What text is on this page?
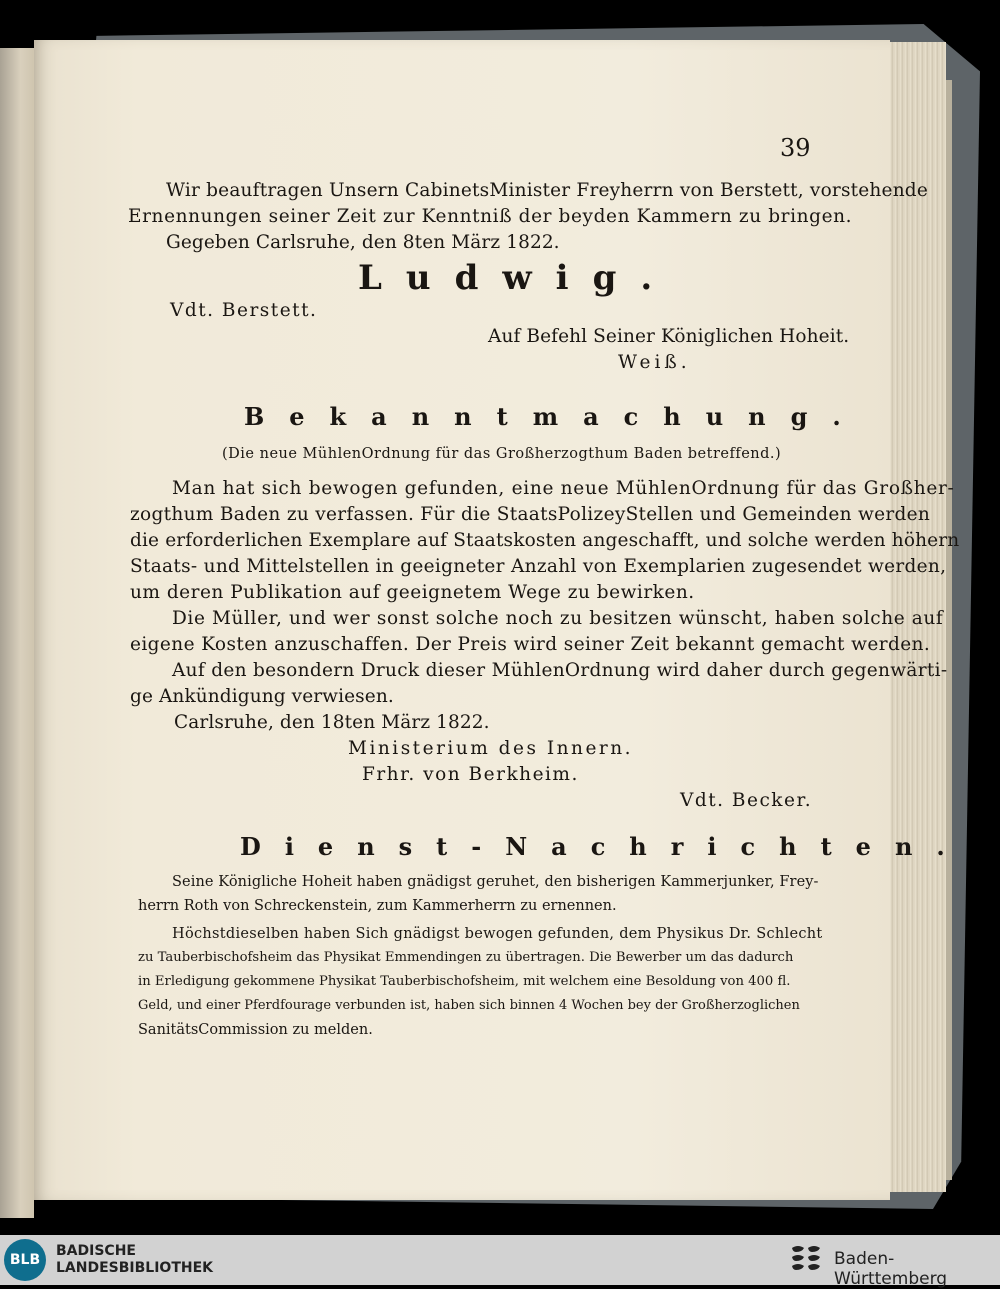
39
Wir beauftragen Unsern CabinetsMinister Freyherrn von Berstett, vorstehende
Ernennungen seiner Zeit zur Kenntniß der beyden Kammern zu bringen.
Gegeben Carlsruhe, den 8ten März 1822.
Ludwig.
Vdt. Berstett.
Auf Befehl Seiner Königlichen Hoheit.
Weiß.
Bekanntmachung.
(Die neue MühlenOrdnung für das Großherzogthum Baden betreffend.)
Man hat sich bewogen gefunden, eine neue MühlenOrdnung für das Großher-
zogthum Baden zu verfassen. Für die StaatsPolizeyStellen und Gemeinden werden
die erforderlichen Exemplare auf Staatskosten angeschafft, und solche werden höhern
Staats- und Mittelstellen in geeigneter Anzahl von Exemplarien zugesendet werden,
um deren Publikation auf geeignetem Wege zu bewirken.
Die Müller, und wer sonst solche noch zu besitzen wünscht, haben solche auf
eigene Kosten anzuschaffen. Der Preis wird seiner Zeit bekannt gemacht werden.
Auf den besondern Druck dieser MühlenOrdnung wird daher durch gegenwärti-
ge Ankündigung verwiesen.
Carlsruhe, den 18ten März 1822.
Ministerium des Innern.
Frhr. von Berkheim.
Vdt. Becker.
Dienst-Nachrichten.
Seine Königliche Hoheit haben gnädigst geruhet, den bisherigen Kammerjunker, Frey-
herrn Roth von Schreckenstein, zum Kammerherrn zu ernennen.
Höchstdieselben haben Sich gnädigst bewogen gefunden, dem Physikus Dr. Schlecht
zu Tauberbischofsheim das Physikat Emmendingen zu übertragen. Die Bewerber um das dadurch
in Erledigung gekommene Physikat Tauberbischofsheim, mit welchem eine Besoldung von 400 fl.
Geld, und einer Pferdfourage verbunden ist, haben sich binnen 4 Wochen bey der Großherzoglichen
SanitätsCommission zu melden.
BLB
BADISCHE
LANDESBIBLIOTHEK	Baden-Württemberg
